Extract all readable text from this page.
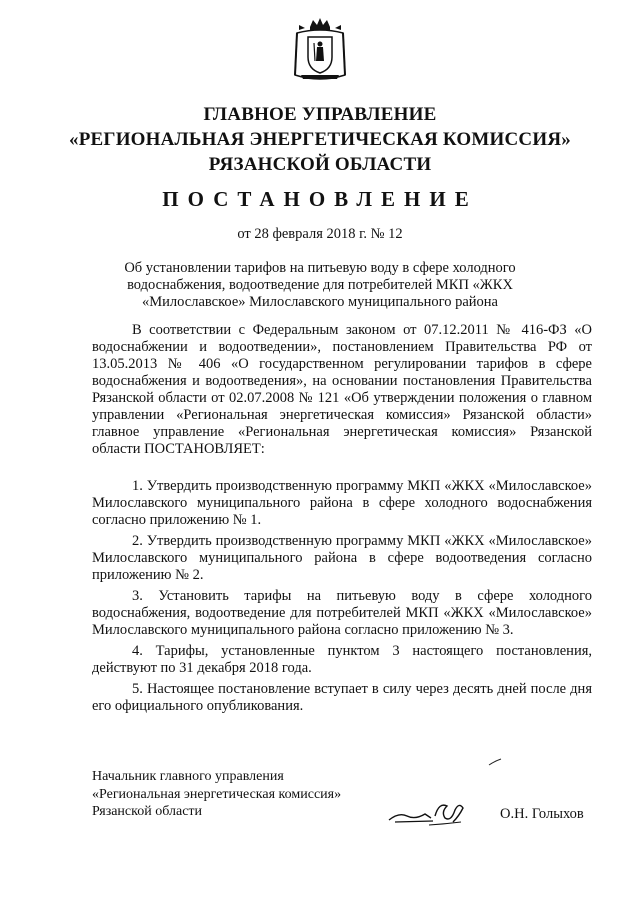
ГЛАВНОЕ УПРАВЛЕНИЕ
«РЕГИОНАЛЬНАЯ ЭНЕРГЕТИЧЕСКАЯ КОМИССИЯ»
РЯЗАНСКОЙ ОБЛАСТИ
ПОСТАНОВЛЕНИЕ
от 28 февраля 2018 г. № 12
Об установлении тарифов на питьевую воду в сфере холодного водоснабжения, водоотведение для потребителей МКП «ЖКХ «Милославское» Милославского муниципального района
В соответствии с Федеральным законом от 07.12.2011 № 416-ФЗ «О водоснабжении и водоотведении», постановлением Правительства РФ от 13.05.2013 № 406 «О государственном регулировании тарифов в сфере водоснабжения и водоотведения», на основании постановления Правительства Рязанской области от 02.07.2008 № 121 «Об утверждении положения о главном управлении «Региональная энергетическая комиссия» Рязанской области» главное управление «Региональная энергетическая комиссия» Рязанской области ПОСТАНОВЛЯЕТ:

1. Утвердить производственную программу МКП «ЖКХ «Милославское» Милославского муниципального района в сфере холодного водоснабжения согласно приложению № 1.

2. Утвердить производственную программу МКП «ЖКХ «Милославское» Милославского муниципального района в сфере водоотведения согласно приложению № 2.

3. Установить тарифы на питьевую воду в сфере холодного водоснабжения, водоотведение для потребителей МКП «ЖКХ «Милославское» Милославского муниципального района согласно приложению № 3.

4. Тарифы, установленные пунктом 3 настоящего постановления, действуют по 31 декабря 2018 года.

5. Настоящее постановление вступает в силу через десять дней после дня его официального опубликования.

Начальник главного управления
«Региональная энергетическая комиссия»
Рязанской области	О.Н. Голыхов
